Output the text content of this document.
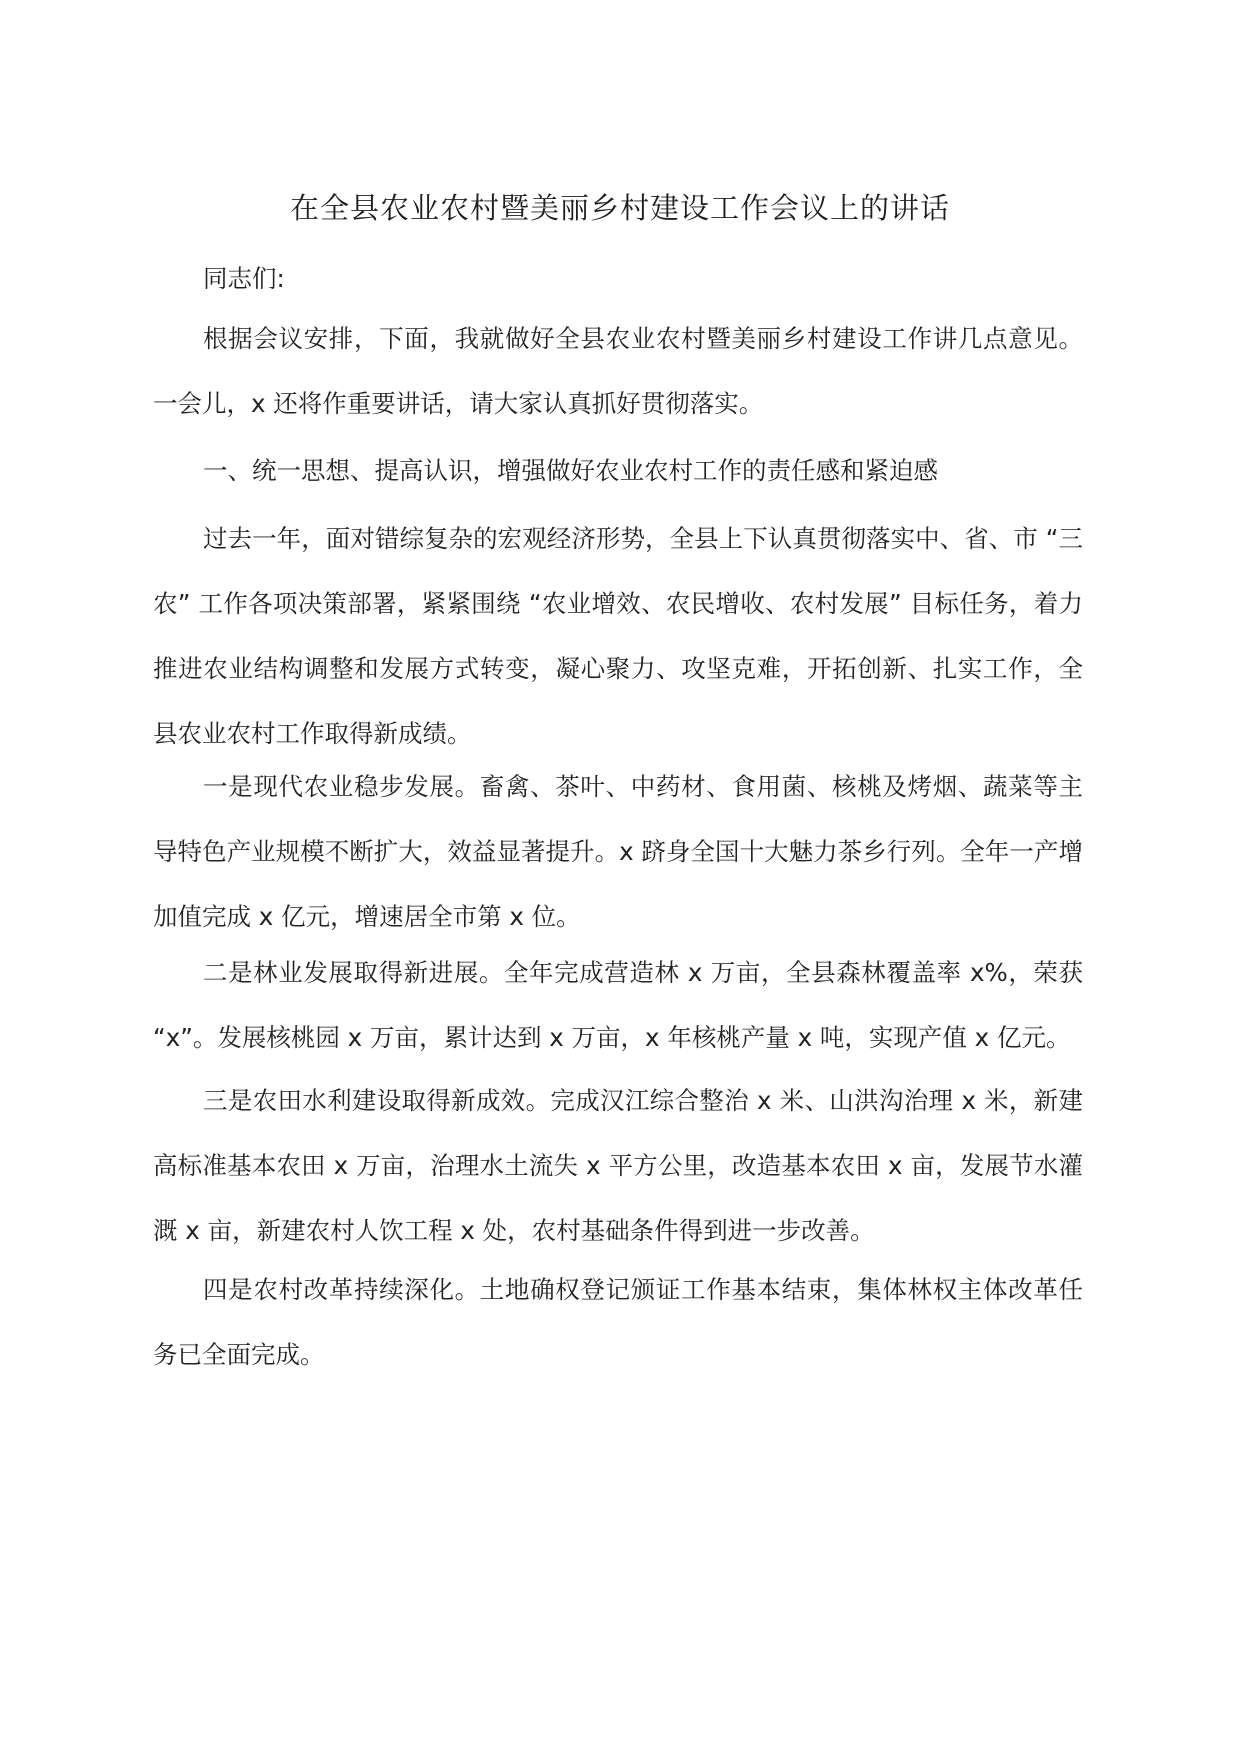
在全县农业农村暨美丽乡村建设工作会议上的讲话

同志们:

根据会议安排，下面，我就做好全县农业农村暨美丽乡村建设工作讲几点意见。一会儿，x 还将作重要讲话，请大家认真抓好贯彻落实。

一、统一思想、提高认识，增强做好农业农村工作的责任感和紧迫感

过去一年，面对错综复杂的宏观经济形势，全县上下认真贯彻落实中、省、市 “三农” 工作各项决策部署，紧紧围绕 “农业增效、农民增收、农村发展” 目标任务，着力推进农业结构调整和发展方式转变，凝心聚力、攻坚克难，开拓创新、扎实工作，全县农业农村工作取得新成绩。

一是现代农业稳步发展。畜禽、茶叶、中药材、食用菌、核桃及烤烟、蔬菜等主导特色产业规模不断扩大，效益显著提升。x 跻身全国十大魅力茶乡行列。全年一产增加值完成 x 亿元，增速居全市第 x 位。

二是林业发展取得新进展。全年完成营造林 x 万亩，全县森林覆盖率 x%，荣获 “x”。发展核桃园 x 万亩，累计达到 x 万亩，x 年核桃产量 x 吨，实现产值 x 亿元。

三是农田水利建设取得新成效。完成汉江综合整治 x 米、山洪沟治理 x 米，新建高标准基本农田 x 万亩，治理水土流失 x 平方公里，改造基本农田 x 亩，发展节水灌溉 x 亩，新建农村人饮工程 x 处，农村基础条件得到进一步改善。

四是农村改革持续深化。土地确权登记颁证工作基本结束，集体林权主体改革任务已全面完成。
